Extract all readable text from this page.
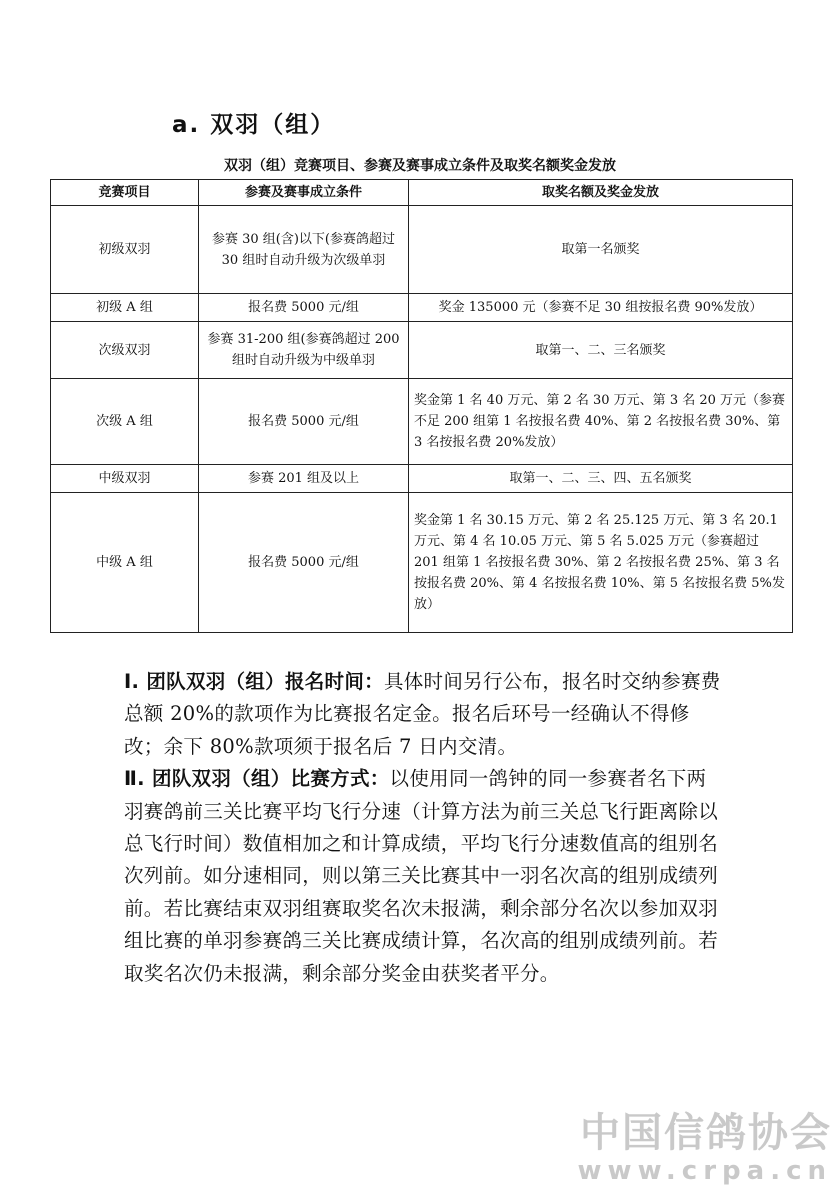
a. 双羽（组）
双羽（组）竞赛项目、参赛及赛事成立条件及取奖名额奖金发放
竞赛项目	参赛及赛事成立条件	取奖名额及奖金发放
初级双羽	参赛 30 组(含)以下(参赛鸽超过 30 组时自动升级为次级单羽	取第一名颁奖
初级 A 组	报名费 5000 元/组	奖金 135000 元（参赛不足 30 组按报名费 90%发放）
次级双羽	参赛 31-200 组(参赛鸽超过 200 组时自动升级为中级单羽	取第一、二、三名颁奖
次级 A 组	报名费 5000 元/组	奖金第 1 名 40 万元、第 2 名 30 万元、第 3 名 20 万元（参赛不足 200 组第 1 名按报名费 40%、第 2 名按报名费 30%、第 3 名按报名费 20%发放）
中级双羽	参赛 201 组及以上	取第一、二、三、四、五名颁奖
中级 A 组	报名费 5000 元/组	奖金第 1 名 30.15 万元、第 2 名 25.125 万元、第 3 名 20.1 万元、第 4 名 10.05 万元、第 5 名 5.025 万元（参赛超过 201 组第 1 名按报名费 30%、第 2 名按报名费 25%、第 3 名按报名费 20%、第 4 名按报名费 10%、第 5 名按报名费 5%发放）

Ⅰ. 团队双羽（组）报名时间：具体时间另行公布，报名时交纳参赛费总额 20%的款项作为比赛报名定金。报名后环号一经确认不得修改；余下 80%款项须于报名后 7 日内交清。

Ⅱ. 团队双羽（组）比赛方式：以使用同一鸽钟的同一参赛者名下两羽赛鸽前三关比赛平均飞行分速（计算方法为前三关总飞行距离除以总飞行时间）数值相加之和计算成绩，平均飞行分速数值高的组别名次列前。如分速相同，则以第三关比赛其中一羽名次高的组别成绩列前。若比赛结束双羽组赛取奖名次未报满，剩余部分名次以参加双羽组比赛的单羽参赛鸽三关比赛成绩计算，名次高的组别成绩列前。若取奖名次仍未报满，剩余部分奖金由获奖者平分。

中国信鸽协会
www.crpa.cn
